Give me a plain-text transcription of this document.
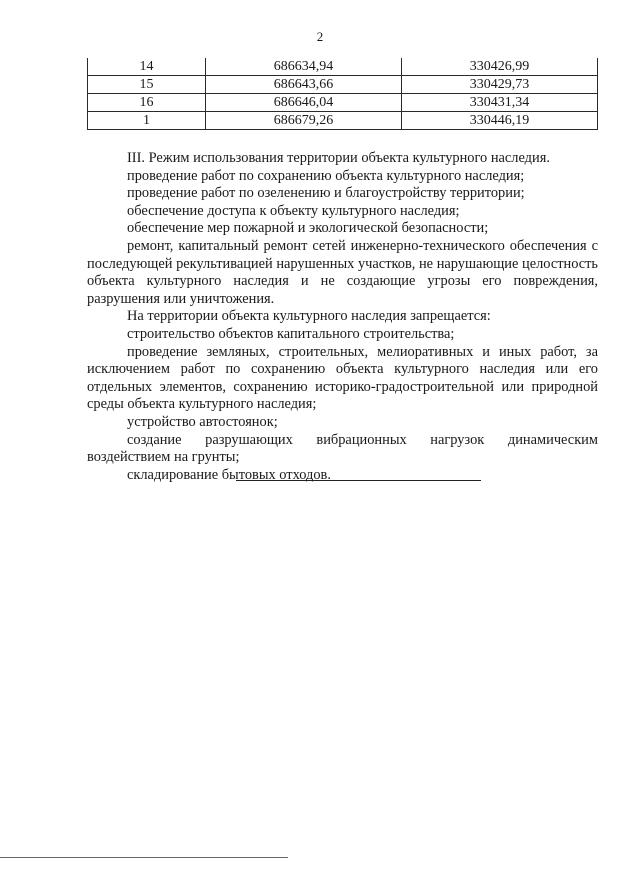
2
14	686634,94	330426,99
15	686643,66	330429,73
16	686646,04	330431,34
1	686679,26	330446,19

III. Режим использования территории объекта культурного наследия.

проведение работ по сохранению объекта культурного наследия;

проведение работ по озеленению и благоустройству территории;

обеспечение доступа к объекту культурного наследия;

обеспечение мер пожарной и экологической безопасности;

ремонт, капитальный ремонт сетей инженерно-технического обеспечения с последующей рекультивацией нарушенных участков, не нарушающие целостность объекта культурного наследия и не создающие угрозы его повреждения, разрушения или уничтожения.

На территории объекта культурного наследия запрещается:

строительство объектов капитального строительства;

проведение земляных, строительных, мелиоративных и иных работ, за исключением работ по сохранению объекта культурного наследия или его отдельных элементов, сохранению историко-градостроительной или природной среды объекта культурного наследия;

устройство автостоянок;

создание разрушающих вибрационных нагрузок динамическим воздействием на грунты;

складирование бытовых отходов.
